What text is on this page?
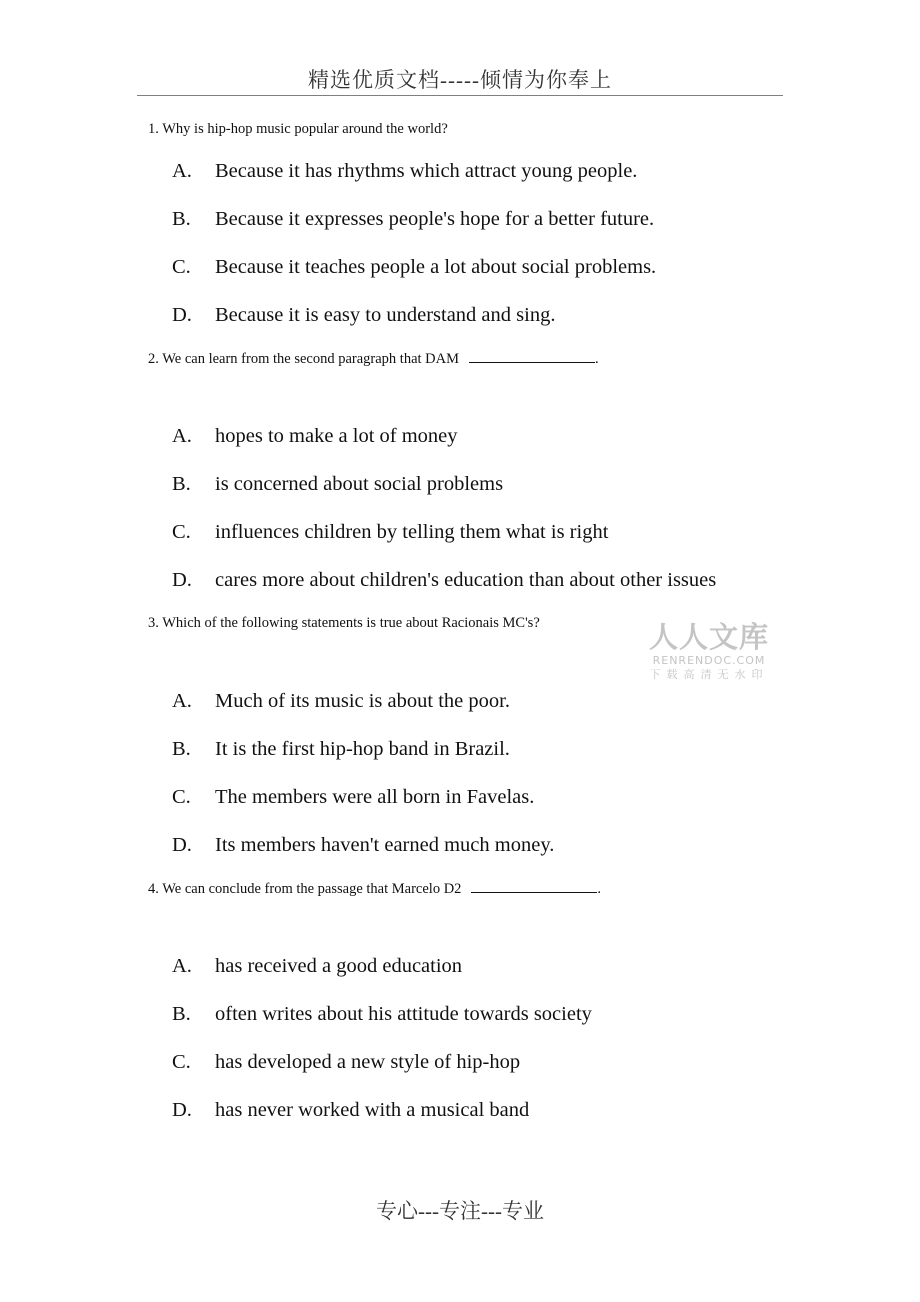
精选优质文档-----倾情为你奉上
1. Why is hip-hop music popular around the world?
A. Because it has rhythms which attract young people.
B. Because it expresses people's hope for a better future.
C. Because it teaches people a lot about social problems.
D. Because it is easy to understand and sing.
2. We can learn from the second paragraph that DAM	.
A. hopes to make a lot of money
B. is concerned about social problems
C. influences children by telling them what is right
D. cares more about children's education than about other issues
3. Which of the following statements is true about Racionais MC's?
A. Much of its music is about the poor.
B. It is the first hip-hop band in Brazil.
C. The members were all born in Favelas.
D. Its members haven't earned much money.
4. We can conclude from the passage that Marcelo D2	.
A. has received a good education
B. often writes about his attitude towards society
C. has developed a new style of hip-hop
D. has never worked with a musical band
人人文库
RENRENDOC.COM
下载高清无水印
专心---专注---专业
